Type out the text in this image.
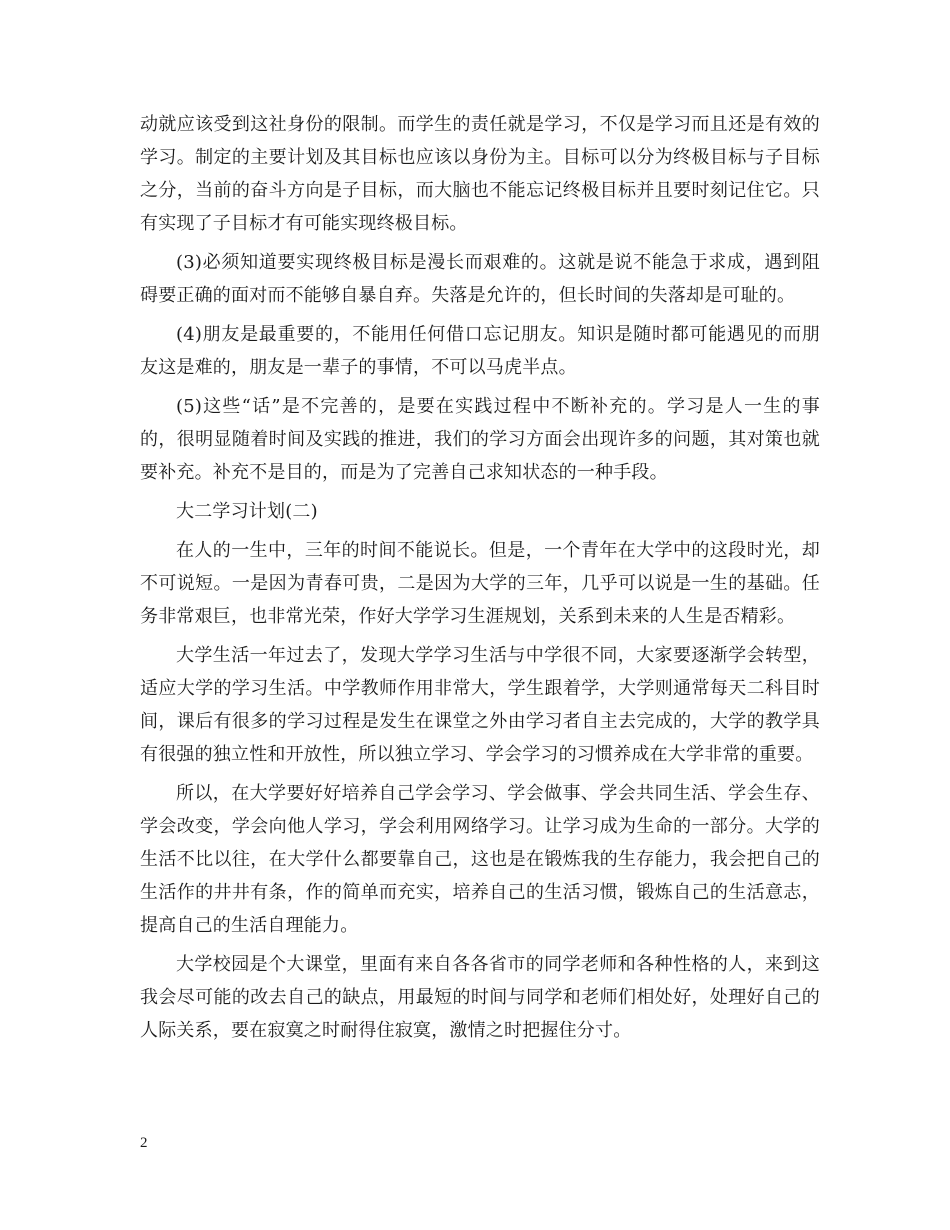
动就应该受到这社身份的限制。而学生的责任就是学习，不仅是学习而且还是有效的学习。制定的主要计划及其目标也应该以身份为主。目标可以分为终极目标与子目标之分，当前的奋斗方向是子目标，而大脑也不能忘记终极目标并且要时刻记住它。只有实现了子目标才有可能实现终极目标。

(3)必须知道要实现终极目标是漫长而艰难的。这就是说不能急于求成，遇到阻碍要正确的面对而不能够自暴自弃。失落是允许的，但长时间的失落却是可耻的。

(4)朋友是最重要的，不能用任何借口忘记朋友。知识是随时都可能遇见的而朋友这是难的，朋友是一辈子的事情，不可以马虎半点。

(5)这些“话”是不完善的，是要在实践过程中不断补充的。学习是人一生的事的，很明显随着时间及实践的推进，我们的学习方面会出现许多的问题，其对策也就要补充。补充不是目的，而是为了完善自己求知状态的一种手段。

大二学习计划(二)

在人的一生中，三年的时间不能说长。但是，一个青年在大学中的这段时光，却不可说短。一是因为青春可贵，二是因为大学的三年，几乎可以说是一生的基础。任务非常艰巨，也非常光荣，作好大学学习生涯规划，关系到未来的人生是否精彩。

大学生活一年过去了，发现大学学习生活与中学很不同，大家要逐渐学会转型，适应大学的学习生活。中学教师作用非常大，学生跟着学，大学则通常每天二科目时间，课后有很多的学习过程是发生在课堂之外由学习者自主去完成的，大学的教学具有很强的独立性和开放性，所以独立学习、学会学习的习惯养成在大学非常的重要。

所以，在大学要好好培养自己学会学习、学会做事、学会共同生活、学会生存、学会改变，学会向他人学习，学会利用网络学习。让学习成为生命的一部分。大学的生活不比以往，在大学什么都要靠自己，这也是在锻炼我的生存能力，我会把自己的生活作的井井有条，作的简单而充实，培养自己的生活习惯，锻炼自己的生活意志，提高自己的生活自理能力。

大学校园是个大课堂，里面有来自各各省市的同学老师和各种性格的人，来到这我会尽可能的改去自己的缺点，用最短的时间与同学和老师们相处好，处理好自己的人际关系，要在寂寞之时耐得住寂寞，激情之时把握住分寸。

2
